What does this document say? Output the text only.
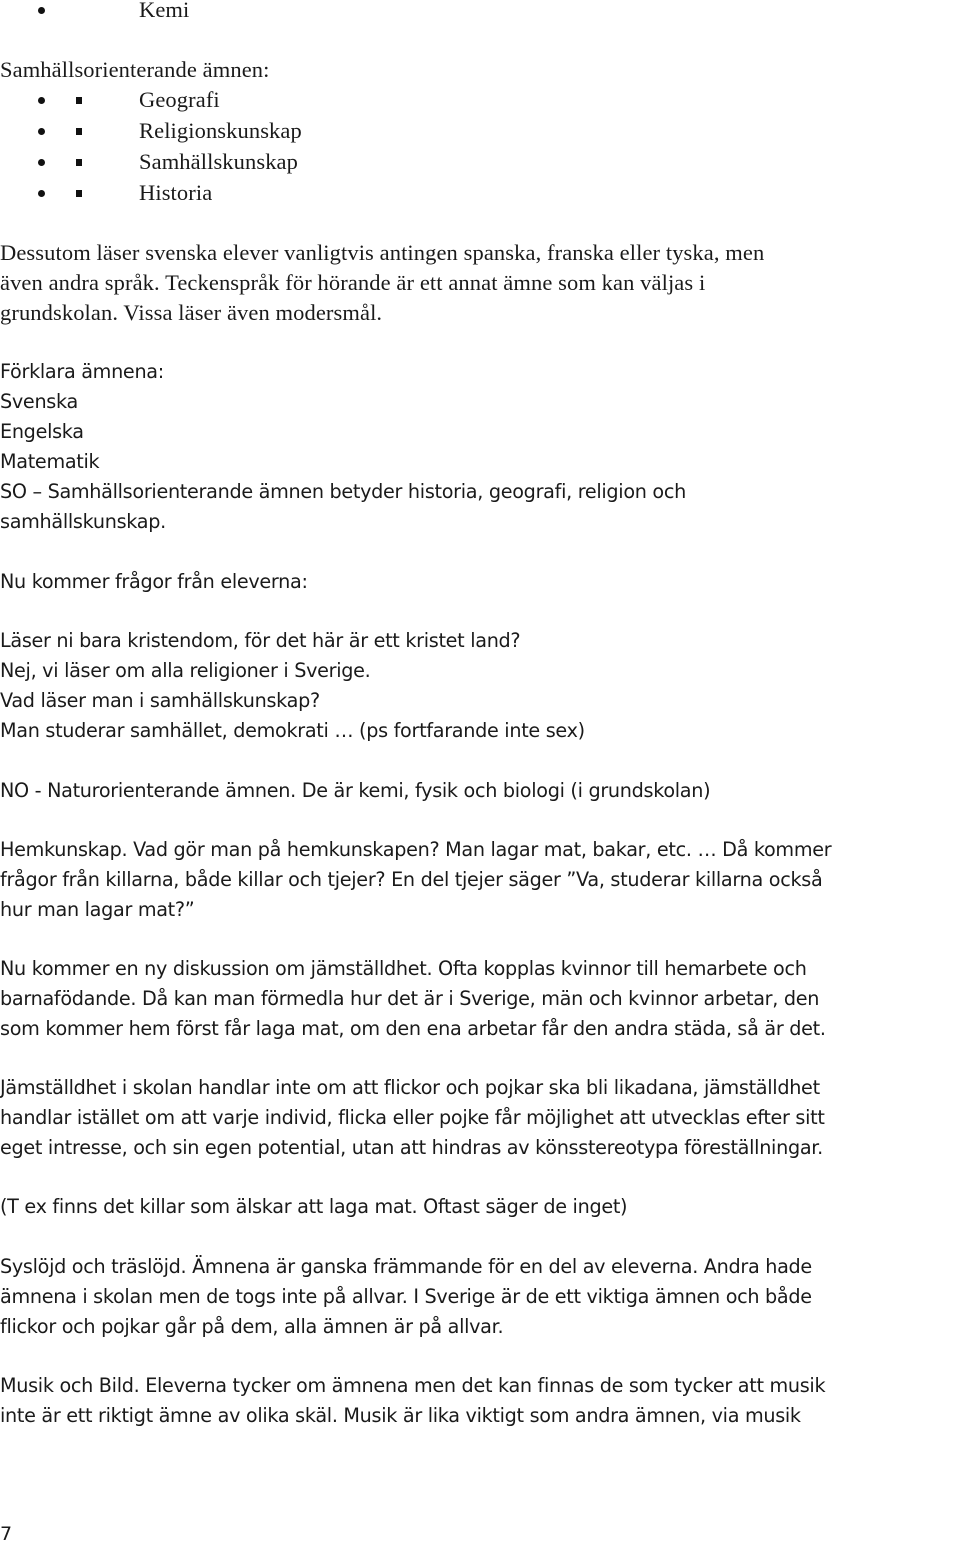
Kemi
Samhällsorienterande ämnen:
Geografi
Religionskunskap
Samhällskunskap
Historia
Dessutom läser svenska elever vanligtvis antingen spanska, franska eller tyska, men
även andra språk. Teckenspråk för hörande är ett annat ämne som kan väljas i
grundskolan. Vissa läser även modersmål.
Förklara ämnena:
Svenska
Engelska
Matematik
SO – Samhällsorienterande ämnen betyder historia, geografi, religion och
samhällskunskap.
Nu kommer frågor från eleverna:
Läser ni bara kristendom, för det här är ett kristet land?
Nej, vi läser om alla religioner i Sverige.
Vad läser man i samhällskunskap?
Man studerar samhället, demokrati … (ps fortfarande inte sex)
NO - Naturorienterande ämnen. De är kemi, fysik och biologi (i grundskolan)
Hemkunskap. Vad gör man på hemkunskapen? Man lagar mat, bakar, etc. … Då kommer
frågor från killarna, både killar och tjejer? En del tjejer säger ”Va, studerar killarna också
hur man lagar mat?”
Nu kommer en ny diskussion om jämställdhet. Ofta kopplas kvinnor till hemarbete och
barnafödande. Då kan man förmedla hur det är i Sverige, män och kvinnor arbetar, den
som kommer hem först får laga mat, om den ena arbetar får den andra städa, så är det.
Jämställdhet i skolan handlar inte om att flickor och pojkar ska bli likadana, jämställdhet
handlar istället om att varje individ, flicka eller pojke får möjlighet att utvecklas efter sitt
eget intresse, och sin egen potential, utan att hindras av könsstereotypa föreställningar.
(T ex finns det killar som älskar att laga mat. Oftast säger de inget)
Syslöjd och träslöjd. Ämnena är ganska främmande för en del av eleverna. Andra hade
ämnena i skolan men de togs inte på allvar. I Sverige är de ett viktiga ämnen och både
flickor och pojkar går på dem, alla ämnen är på allvar.
Musik och Bild. Eleverna tycker om ämnena men det kan finnas de som tycker att musik
inte är ett riktigt ämne av olika skäl. Musik är lika viktigt som andra ämnen, via musik
7
